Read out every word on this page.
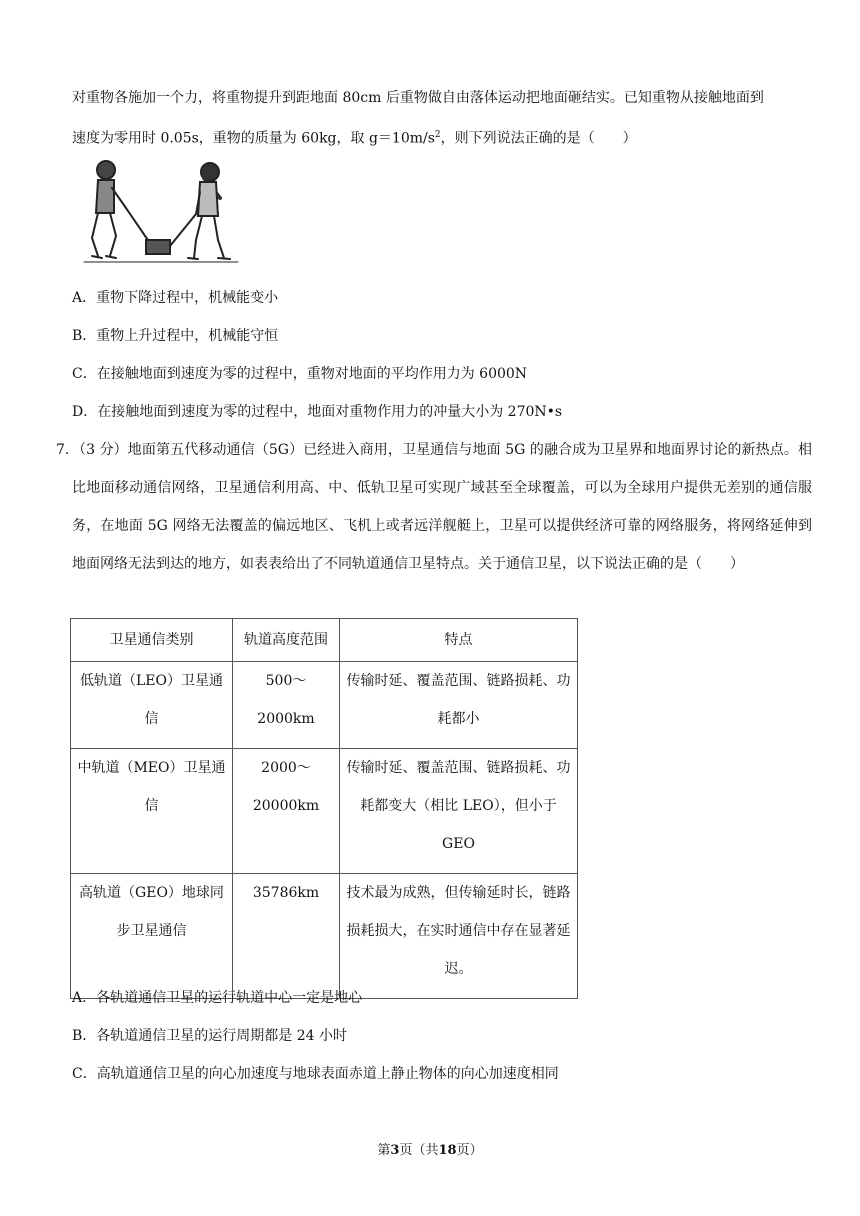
对重物各施加一个力，将重物提升到距地面 80cm 后重物做自由落体运动把地面砸结实。已知重物从接触地面到
速度为零用时 0.05s，重物的质量为 60kg，取 $g=10m/s^2$，则下列说法正确的是（　　）
A．重物下降过程中，机械能变小
B．重物上升过程中，机械能守恒
C．在接触地面到速度为零的过程中，重物对地面的平均作用力为 6000N
D．在接触地面到速度为零的过程中，地面对重物作用力的冲量大小为 270N•s
7. （3 分）地面第五代移动通信（5G）已经进入商用，卫星通信与地面 5G 的融合成为卫星界和地面界讨论的新热点。相比地面移动通信网络，卫星通信利用高、中、低轨卫星可实现广域甚至全球覆盖，可以为全球用户提供无差别的通信服务，在地面 5G 网络无法覆盖的偏远地区、飞机上或者远洋舰艇上，卫星可以提供经济可靠的网络服务，将网络延伸到地面网络无法到达的地方，如表表给出了不同轨道通信卫星特点。关于通信卫星，以下说法正确的是（　　）
卫星通信类别	轨道高度范围	特点
低轨道（LEO）卫星通信	500～2000km	传输时延、覆盖范围、链路损耗、功耗都小
中轨道（MEO）卫星通信	2000～20000km	传输时延、覆盖范围、链路损耗、功耗都变大（相比 LEO），但小于 GEO
高轨道（GEO）地球同步卫星通信	35786km	技术最为成熟，但传输延时长，链路损耗损大，在实时通信中存在显著延迟。
A．各轨道通信卫星的运行轨道中心一定是地心
B．各轨道通信卫星的运行周期都是 24 小时
C．高轨道通信卫星的向心加速度与地球表面赤道上静止物体的向心加速度相同
第3页（共18页）
